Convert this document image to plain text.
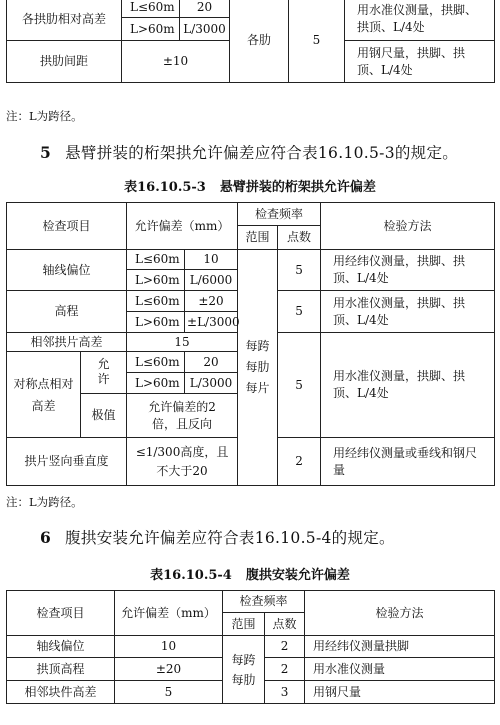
各拱肋相对高差	L≤60m	20	各肋	5	用水准仪测量，拱脚、拱顶、L/4处
	L>60m	L/3000			
拱肋间距	±10				用钢尺量，拱脚、拱顶、L/4处

注：L为跨径。
5 悬臂拼装的桁架拱允许偏差应符合表16.10.5-3的规定。
表16.10.5-3 悬臂拼装的桁架拱允许偏差
检查项目		允许偏差（mm）		检查频率		检验方法
				范围	点数	
轴线偏位		L≤60m	10	每跨每肋每片	5	用经纬仪测量，拱脚、拱顶、L/4处
		L>60m	L/6000			
高程		L≤60m	±20		5	用水准仪测量，拱脚、拱顶、L/4处
		L>60m	±L/3000			
相邻拱片高差		15			5	用水准仪测量，拱脚、拱顶、L/4处
对称点相对高差	允许	L≤60m	20			
		L>60m	L/3000			
	极值	允许偏差的2倍，且反向				

拱片竖向垂直度		≤1/300高度，且不大于20			2	用经纬仪测量或垂线和钢尺量

注：L为跨径。
6 腹拱安装允许偏差应符合表16.10.5-4的规定。
表16.10.5-4 腹拱安装允许偏差
检查项目	允许偏差（mm）	检查频率		检验方法
		范围	点数	
轴线偏位	10	每跨每肋	2	用经纬仪测量拱脚
拱顶高程	±20		2	用水准仪测量
相邻块件高差	5		3	用钢尺量
